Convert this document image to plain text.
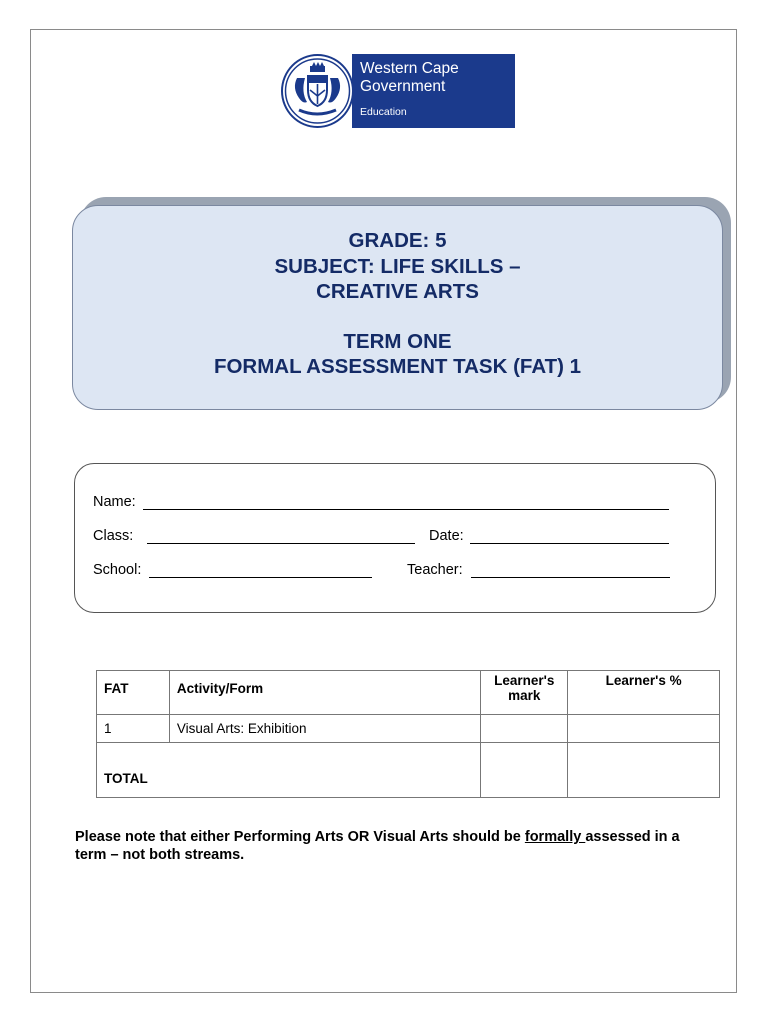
Western Cape
Government

Education

GRADE: 5

SUBJECT: LIFE SKILLS –

CREATIVE ARTS

TERM ONE

FORMAL ASSESSMENT TASK (FAT) 1

Name:

Class:	Date:

School:	Teacher:

FAT	Activity/Form	Learner's mark	Learner's %
1	Visual Arts: Exhibition		
TOTAL			

Please note that either Performing Arts OR Visual Arts should be formally assessed in a term – not both streams.
